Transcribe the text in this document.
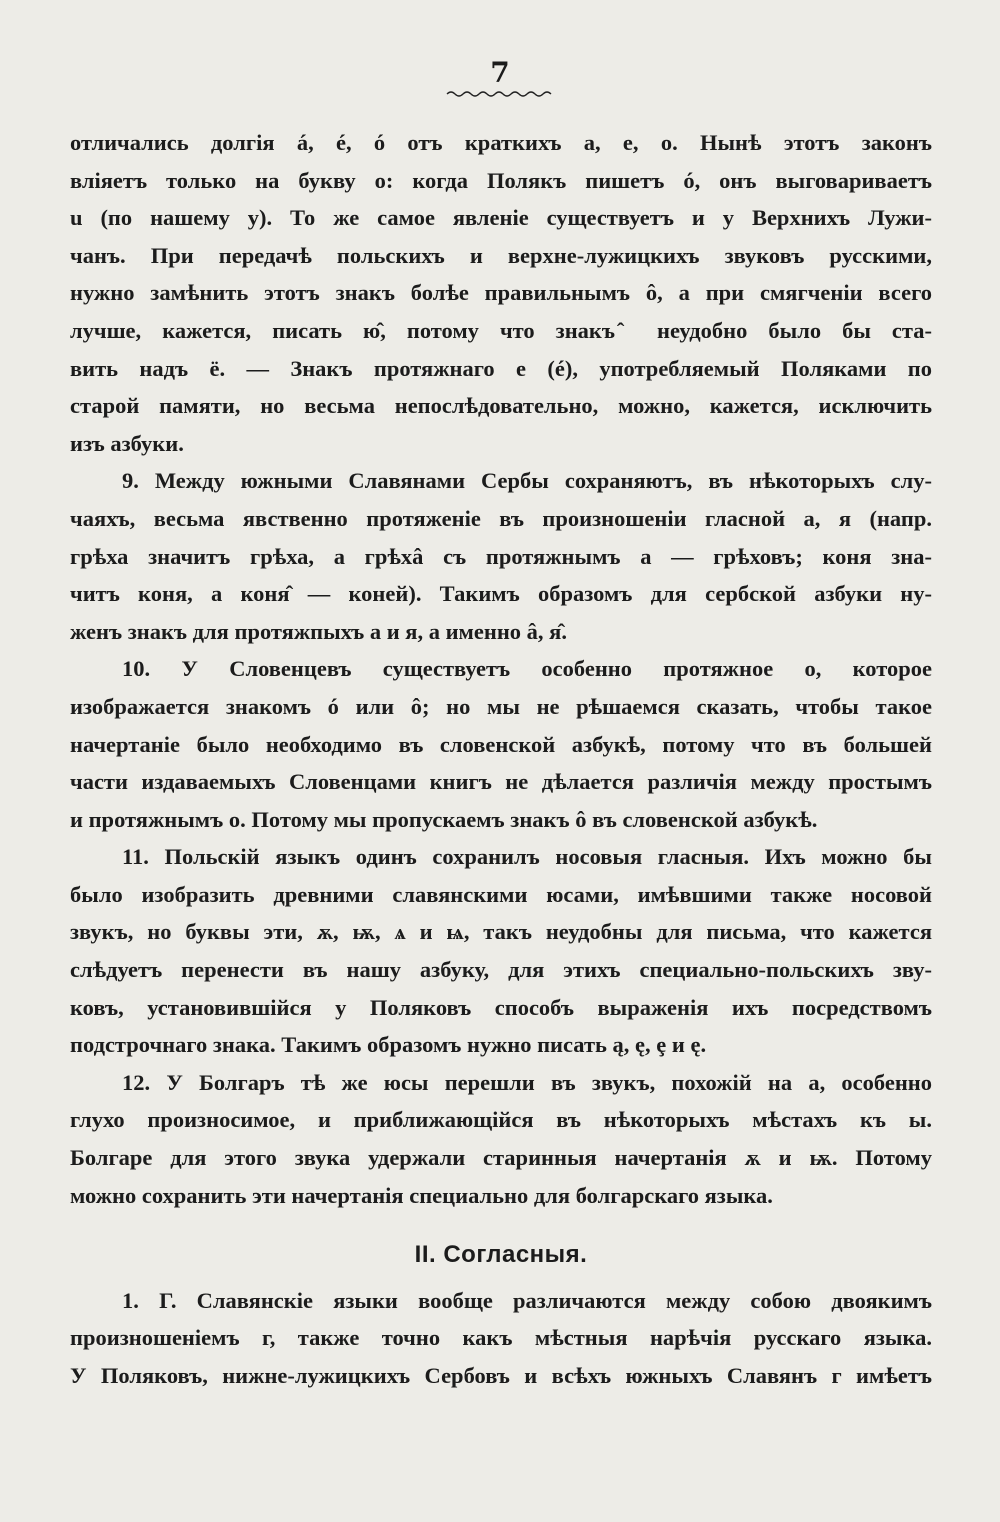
7

отличались долгія á, é, ó отъ краткихъ а, е, о. Нынѣ этотъ законъ
вліяетъ только на букву о: когда Полякъ пишетъ ó, онъ выговариваетъ
u (по нашему у). То же самое явленіе существуетъ и у Верхнихъ Лужи-
чанъ. При передачѣ польскихъ и верхне-лужицкихъ звуковъ русскими,
нужно замѣнить этотъ знакъ болѣе правильнымъ ô, а при смягченіи всего
лучше, кажется, писать ю̂, потому что знакъ ̂ неудобно было бы ста-
вить надъ ё. — Знакъ протяжнаго е (é), употребляемый Поляками по
старой памяти, но весьма непослѣдовательно, можно, кажется, исключить
изъ азбуки.

9. Между южными Славянами Сербы сохраняютъ, въ нѣкоторыхъ слу-
чаяхъ, весьма явственно протяженіе въ произношеніи гласной а, я (напр.
грѣха значитъ грѣха, а грѣхâ съ протяжнымъ а — грѣховъ; коня зна-
читъ коня, а коня̂ — коней). Такимъ образомъ для сербской азбуки ну-
женъ знакъ для протяжпыхъ а и я, а именно â, я̂.

10. У Словенцевъ существуетъ особенно протяжное о, которое
изображается знакомъ ó или ô; но мы не рѣшаемся сказать, чтобы такое
начертаніе было необходимо въ словенской азбукѣ, потому что въ большей
части издаваемыхъ Словенцами книгъ не дѣлается различія между простымъ
и протяжнымъ о. Потому мы пропускаемъ знакъ ô въ словенской азбукѣ.

11. Польскій языкъ одинъ сохранилъ носовыя гласныя. Ихъ можно бы
было изобразить древними славянскими юсами, имѣвшими также носовой
звукъ, но буквы эти, ѫ, ѭ, ѧ и ѩ, такъ неудобны для письма, что кажется
слѣдуетъ перенести въ нашу азбуку, для этихъ специально-польскихъ зву-
ковъ, установившійся у Поляковъ способъ выраженія ихъ посредствомъ
подстрочнаго знака. Такимъ образомъ нужно писать ą, ę, ȩ и ę.

12. У Болгаръ тѣ же юсы перешли въ звукъ, похожій на а, особенно
глухо произносимое, и приближающійся въ нѣкоторыхъ мѣстахъ къ ы.
Болгаре для этого звука удержали старинныя начертанія ѫ и ѭ. Потому
можно сохранить эти начертанія специально для болгарскаго языка.

II. Согласныя.

1. Г. Славянскіе языки вообще различаются между собою двоякимъ
произношеніемъ г, также точно какъ мѣстныя нарѣчія русскаго языка.
У Поляковъ, нижне-лужицкихъ Сербовъ и всѣхъ южныхъ Славянъ г имѣетъ
